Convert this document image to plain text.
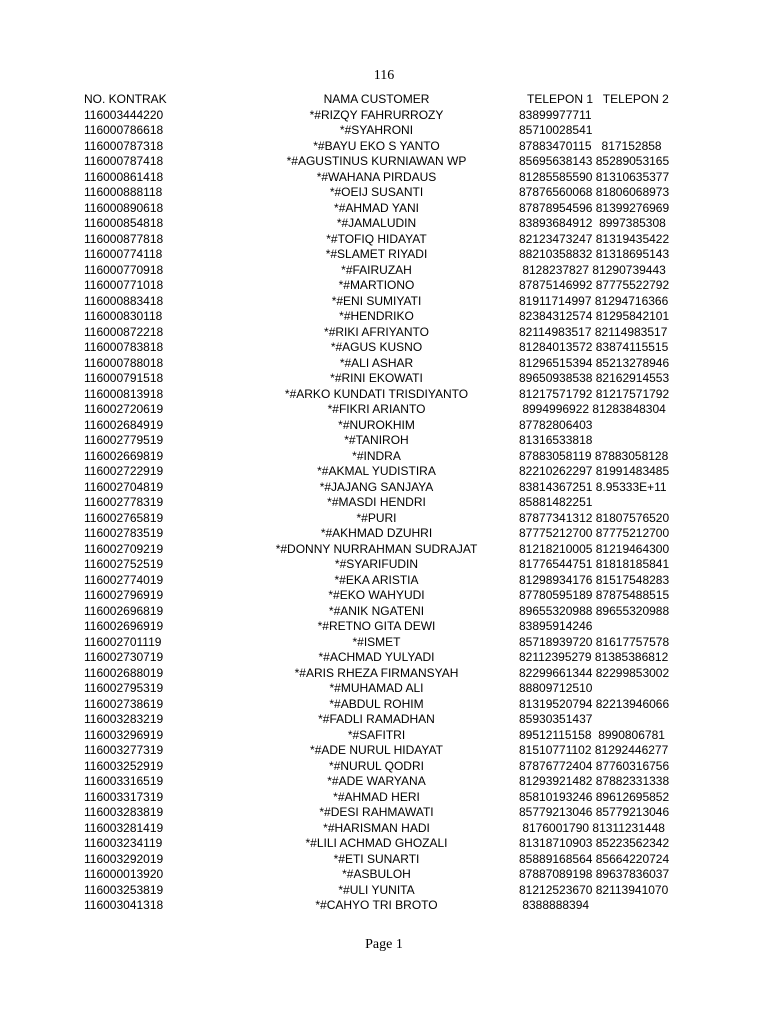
116
NO. KONTRAK	NAMA CUSTOMER	TELEPON 1   TELEPON 2
116003444220	*#RIZQY FAHRURROZY	83899977711
116000786618	*#SYAHRONI	85710028541
116000787318	*#BAYU EKO S YANTO	87883470115   817152858
116000787418	*#AGUSTINUS KURNIAWAN WP	85695638143 85289053165
116000861418	*#WAHANA PIRDAUS	81285585590 81310635377
116000888118	*#OEIJ SUSANTI	87876560068 81806068973
116000890618	*#AHMAD YANI	87878954596 81399276969
116000854818	*#JAMALUDIN	83893684912  8997385308
116000877818	*#TOFIQ HIDAYAT	82123473247 81319435422
116000774118	*#SLAMET RIYADI	88210358832 81318695143
116000770918	*#FAIRUZAH	8128237827 81290739443
116000771018	*#MARTIONO	87875146992 87775522792
116000883418	*#ENI SUMIYATI	81911714997 81294716366
116000830118	*#HENDRIKO	82384312574 81295842101
116000872218	*#RIKI AFRIYANTO	82114983517 82114983517
116000783818	*#AGUS KUSNO	81284013572 83874115515
116000788018	*#ALI ASHAR	81296515394 85213278946
116000791518	*#RINI EKOWATI	89650938538 82162914553
116000813918	*#ARKO KUNDATI TRISDIYANTO	81217571792 81217571792
116002720619	*#FIKRI ARIANTO	8994996922 81283848304
116002684919	*#NUROKHIM	87782806403
116002779519	*#TANIROH	81316533818
116002669819	*#INDRA	87883058119 87883058128
116002722919	*#AKMAL YUDISTIRA	82210262297 81991483485
116002704819	*#JAJANG SANJAYA	83814367251 8.95333E+11
116002778319	*#MASDI HENDRI	85881482251
116002765819	*#PURI	87877341312 81807576520
116002783519	*#AKHMAD DZUHRI	87775212700 87775212700
116002709219	*#DONNY NURRAHMAN SUDRAJAT	81218210005 81219464300
116002752519	*#SYARIFUDIN	81776544751 81818185841
116002774019	*#EKA ARISTIA	81298934176 81517548283
116002796919	*#EKO WAHYUDI	87780595189 87875488515
116002696819	*#ANIK NGATENI	89655320988 89655320988
116002696919	*#RETNO GITA DEWI	83895914246
116002701119	*#ISMET	85718939720 81617757578
116002730719	*#ACHMAD YULYADI	82112395279 81385386812
116002688019	*#ARIS RHEZA FIRMANSYAH	82299661344 82299853002
116002795319	*#MUHAMAD ALI	88809712510
116002738619	*#ABDUL ROHIM	81319520794 82213946066
116003283219	*#FADLI RAMADHAN	85930351437
116003296919	*#SAFITRI	89512115158  8990806781
116003277319	*#ADE NURUL HIDAYAT	81510771102 81292446277
116003252919	*#NURUL QODRI	87876772404 87760316756
116003316519	*#ADE WARYANA	81293921482 87882331338
116003317319	*#AHMAD HERI	85810193246 89612695852
116003283819	*#DESI RAHMAWATI	85779213046 85779213046
116003281419	*#HARISMAN HADI	8176001790 81311231448
116003234119	*#LILI ACHMAD GHOZALI	81318710903 85223562342
116003292019	*#ETI SUNARTI	85889168564 85664220724
116000013920	*#ASBULOH	87887089198 89637836037
116003253819	*#ULI YUNITA	81212523670 82113941070
116003041318	*#CAHYO TRI BROTO	8388888394
Page 1
